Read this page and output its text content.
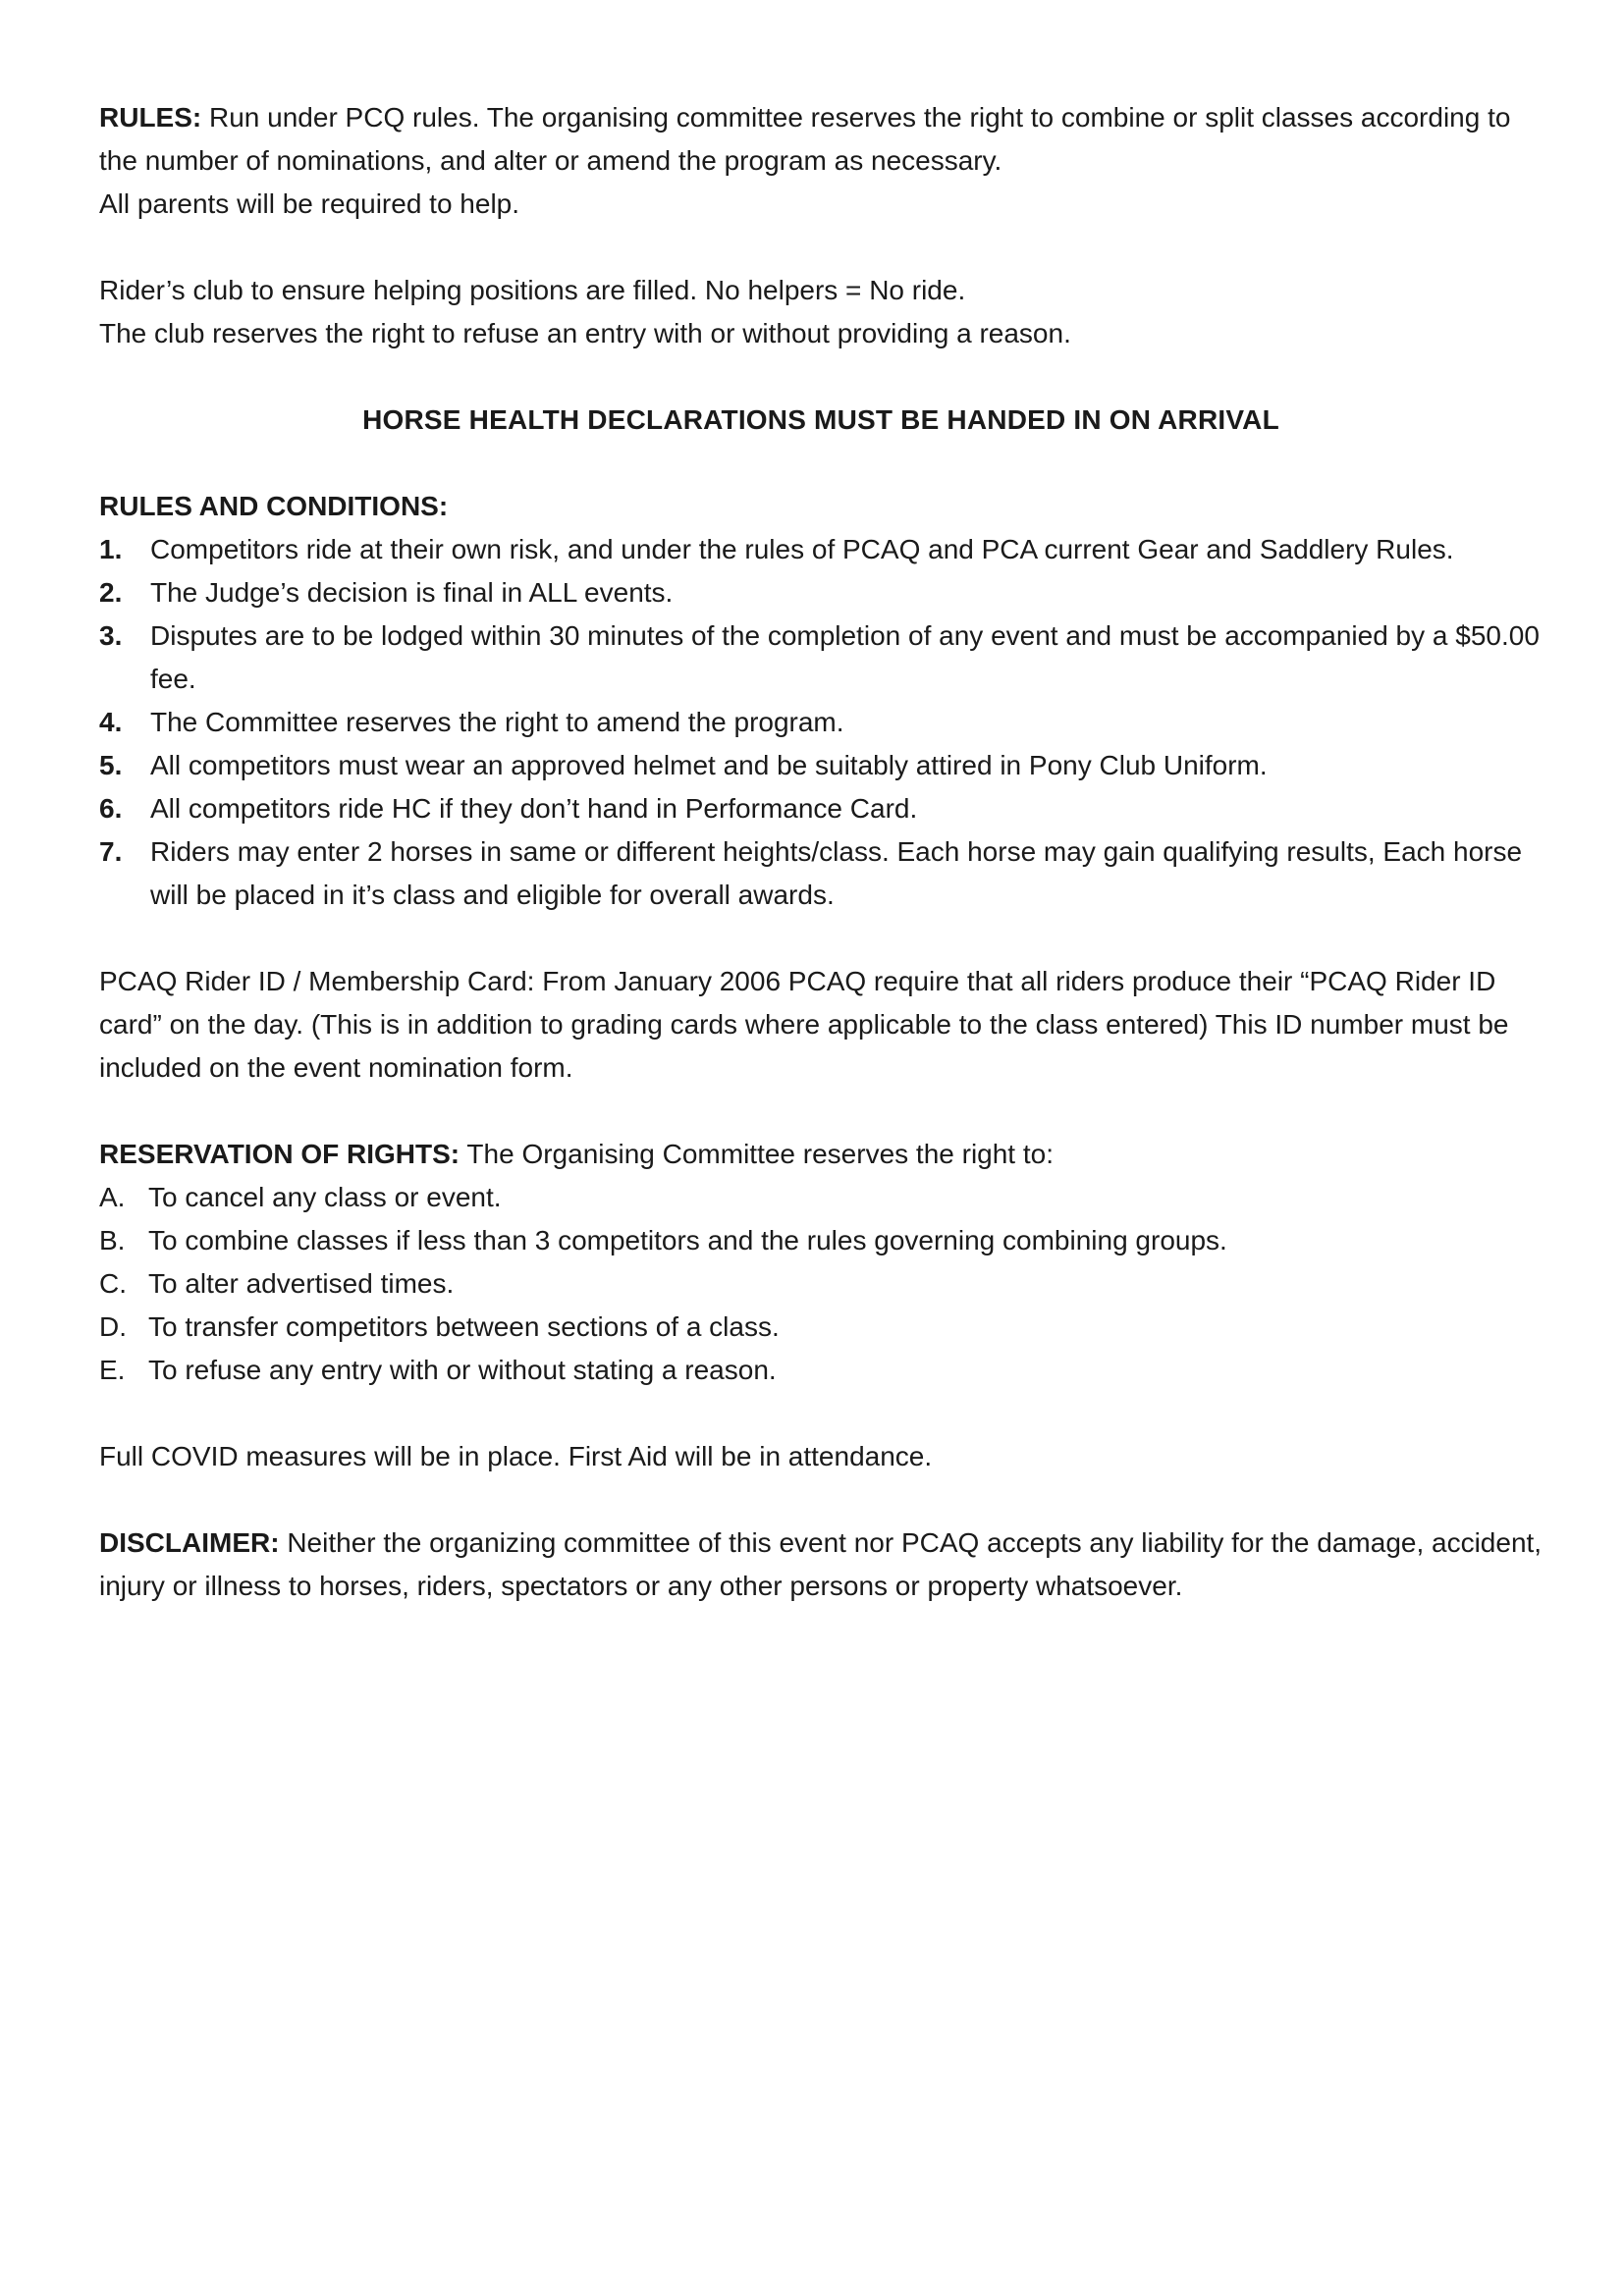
RULES: Run under PCQ rules. The organising committee reserves the right to combine or split classes according to the number of nominations, and alter or amend the program as necessary.

All parents will be required to help.

Rider’s club to ensure helping positions are filled. No helpers = No ride.

The club reserves the right to refuse an entry with or without providing a reason.

HORSE HEALTH DECLARATIONS MUST BE HANDED IN ON ARRIVAL

RULES AND CONDITIONS:

1. Competitors ride at their own risk, and under the rules of PCAQ and PCA current Gear and Saddlery Rules.
2. The Judge’s decision is final in ALL events.
3. Disputes are to be lodged within 30 minutes of the completion of any event and must be accompanied by a $50.00 fee.
4. The Committee reserves the right to amend the program.
5. All competitors must wear an approved helmet and be suitably attired in Pony Club Uniform.
6. All competitors ride HC if they don’t hand in Performance Card.
7. Riders may enter 2 horses in same or different heights/class. Each horse may gain qualifying results, Each horse will be placed in it’s class and eligible for overall awards.

PCAQ Rider ID / Membership Card: From January 2006 PCAQ require that all riders produce their “PCAQ Rider ID card” on the day. (This is in addition to grading cards where applicable to the class entered) This ID number must be included on the event nomination form.

RESERVATION OF RIGHTS: The Organising Committee reserves the right to:

A. To cancel any class or event.
B. To combine classes if less than 3 competitors and the rules governing combining groups.
C. To alter advertised times.
D. To transfer competitors between sections of a class.
E. To refuse any entry with or without stating a reason.

Full COVID measures will be in place. First Aid will be in attendance.

DISCLAIMER: Neither the organizing committee of this event nor PCAQ accepts any liability for the damage, accident, injury or illness to horses, riders, spectators or any other persons or property whatsoever.
